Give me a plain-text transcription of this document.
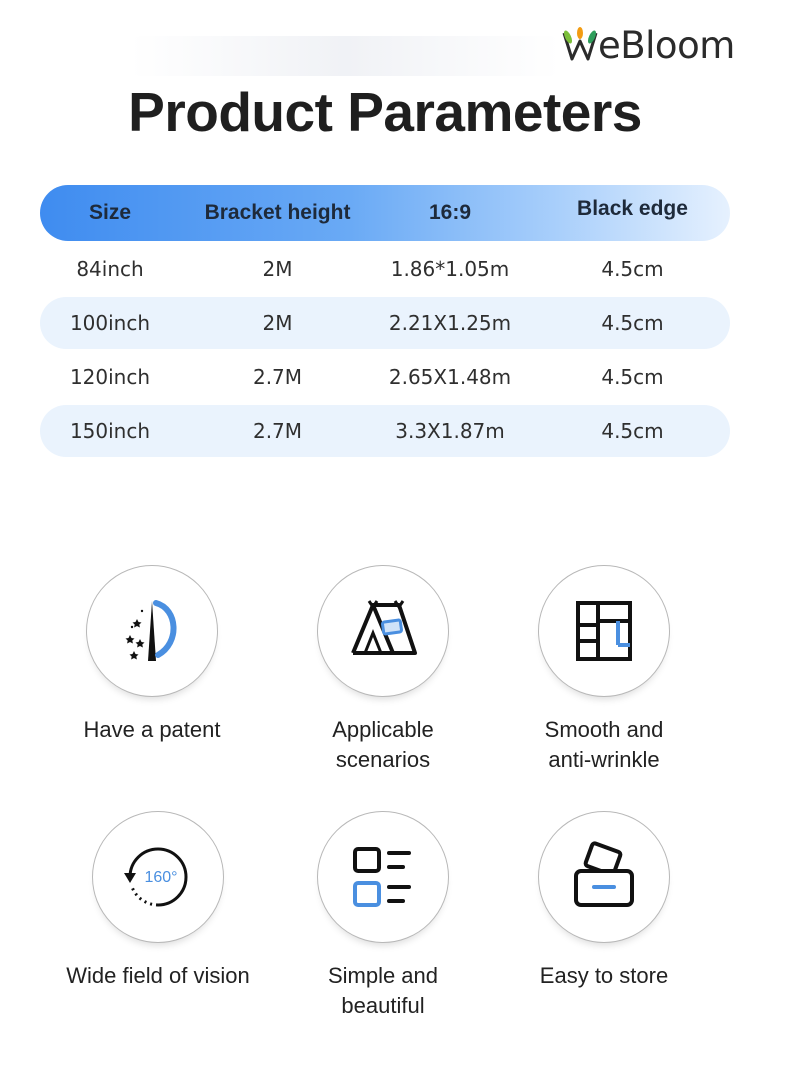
eBloom
Product Parameters
Size	Bracket height	16:9	Black edge
84inch	2M	1.86*1.05m	4.5cm
100inch	2M	2.21X1.25m	4.5cm
120inch	2.7M	2.65X1.48m	4.5cm
150inch	2.7M	3.3X1.87m	4.5cm
Have a patent	Applicable
scenarios
Smooth and
anti-wrinkle
160°
Wide field of vision	Simple and
beautiful
Easy to store
